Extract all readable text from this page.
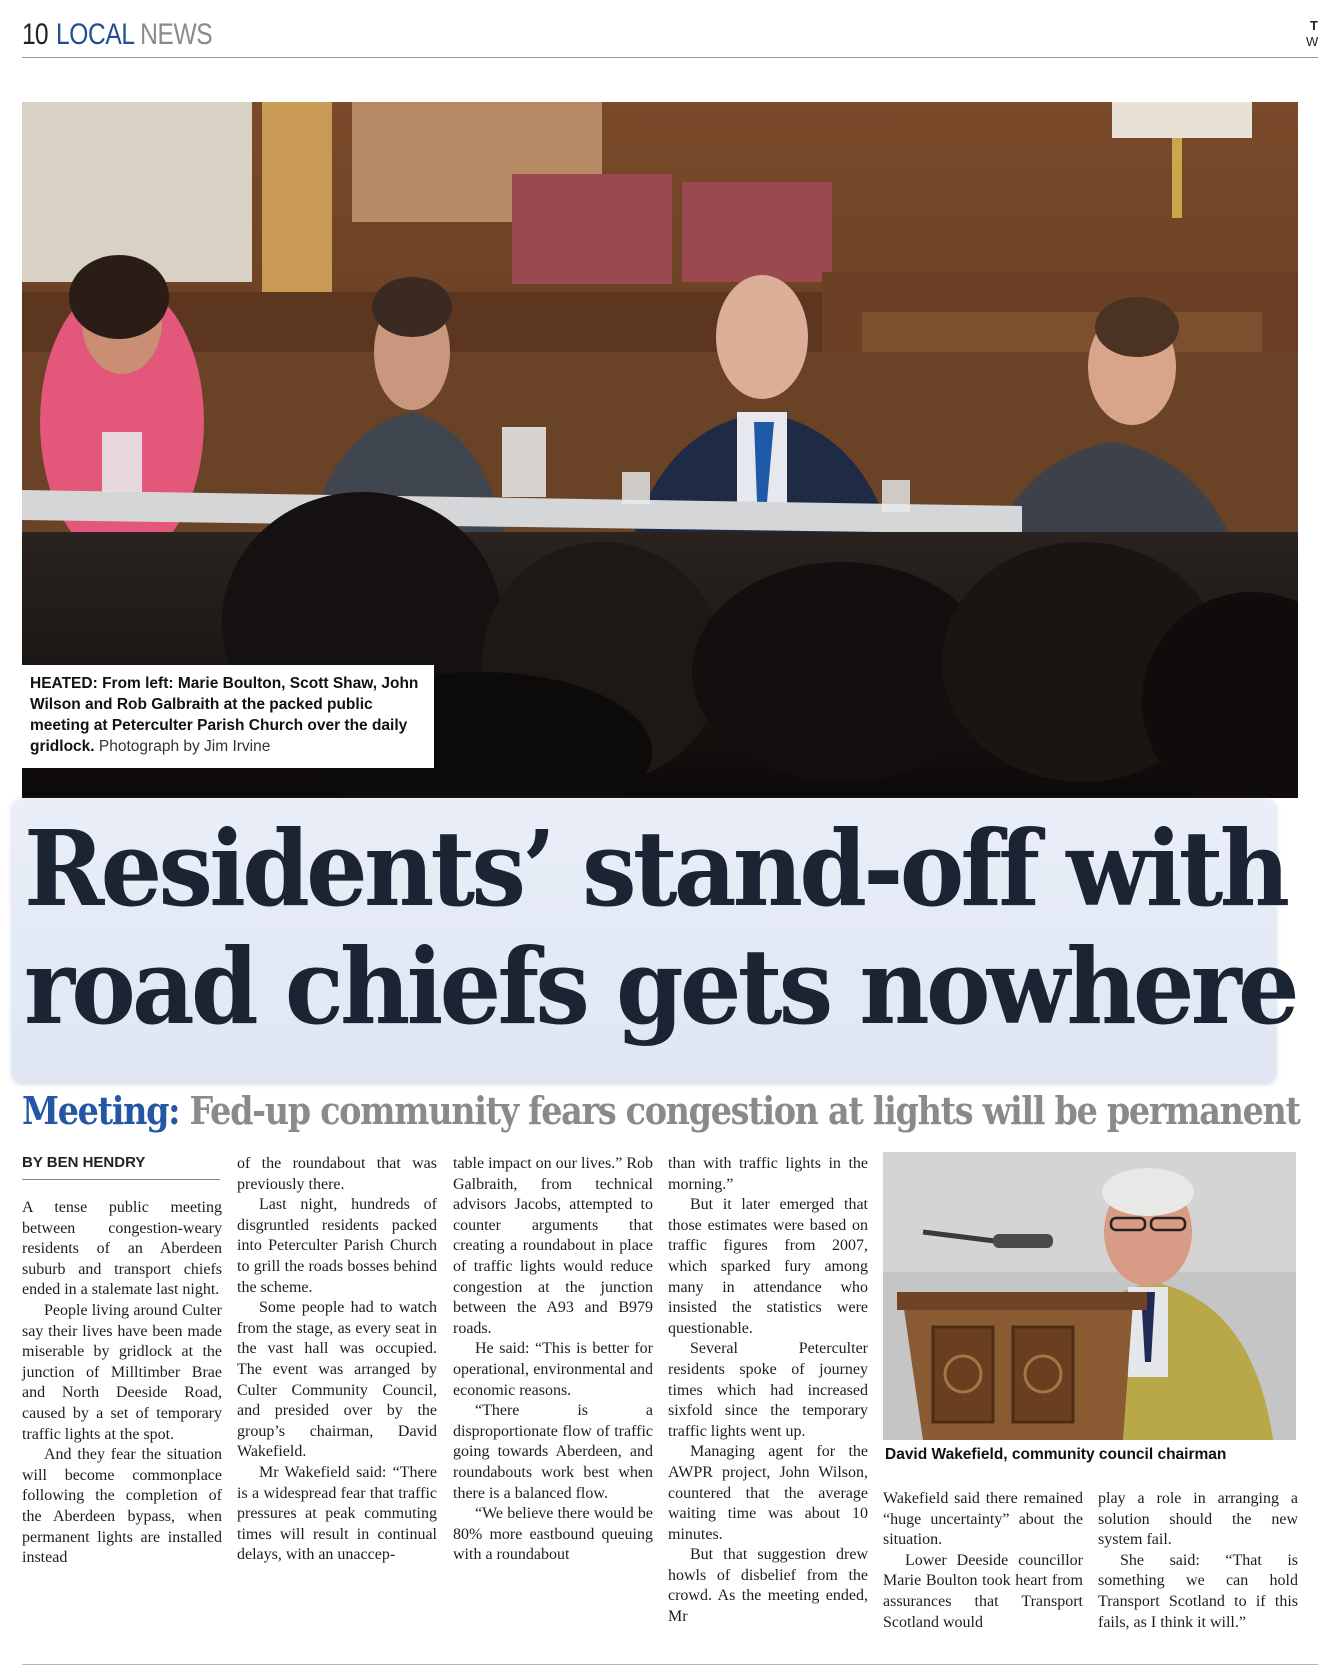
10 LOCAL NEWS	T
W
HEATED: From left: Marie Boulton, Scott Shaw, John Wilson and Rob Galbraith at the packed public meeting at Peterculter Parish Church over the daily gridlock. Photograph by Jim Irvine
Residents’ stand-off with
road chiefs gets nowhere
Meeting: Fed-up community fears congestion at lights will be permanent
BY BEN HENDRY

A tense public meeting between congestion-weary residents of an Aberdeen suburb and transport chiefs ended in a stalemate last night.

People living around Culter say their lives have been made miserable by gridlock at the junction of Milltimber Brae and North Deeside Road, caused by a set of temporary traffic lights at the spot.

And they fear the situation will become commonplace following the completion of the Aberdeen bypass, when permanent lights are installed instead

of the roundabout that was previously there.

Last night, hundreds of disgruntled residents packed into Peterculter Parish Church to grill the roads bosses behind the scheme.

Some people had to watch from the stage, as every seat in the vast hall was occupied. The event was arranged by Culter Community Council, and presided over by the group’s chairman, David Wakefield.

Mr Wakefield said: “There is a widespread fear that traffic pressures at peak commuting times will result in continual delays, with an unaccep-

table impact on our lives.” Rob Galbraith, from technical advisors Jacobs, attempted to counter arguments that creating a roundabout in place of traffic lights would reduce congestion at the junction between the A93 and B979 roads.

He said: “This is better for operational, environmental and economic reasons.

“There is a disproportionate flow of traffic going towards Aberdeen, and roundabouts work best when there is a balanced flow.

“We believe there would be 80% more eastbound queuing with a roundabout

than with traffic lights in the morning.”

But it later emerged that those estimates were based on traffic figures from 2007, which sparked fury among many in attendance who insisted the statistics were questionable.

Several Peterculter residents spoke of journey times which had increased sixfold since the temporary traffic lights went up.

Managing agent for the AWPR project, John Wilson, countered that the average waiting time was about 10 minutes.

But that suggestion drew howls of disbelief from the crowd. As the meeting ended, Mr

David Wakefield, community council chairman

Wakefield said there remained “huge uncertainty” about the situation.

Lower Deeside councillor Marie Boulton took heart from assurances that Transport Scotland would

play a role in arranging a solution should the new system fail.

She said: “That is something we can hold Transport Scotland to if this fails, as I think it will.”
